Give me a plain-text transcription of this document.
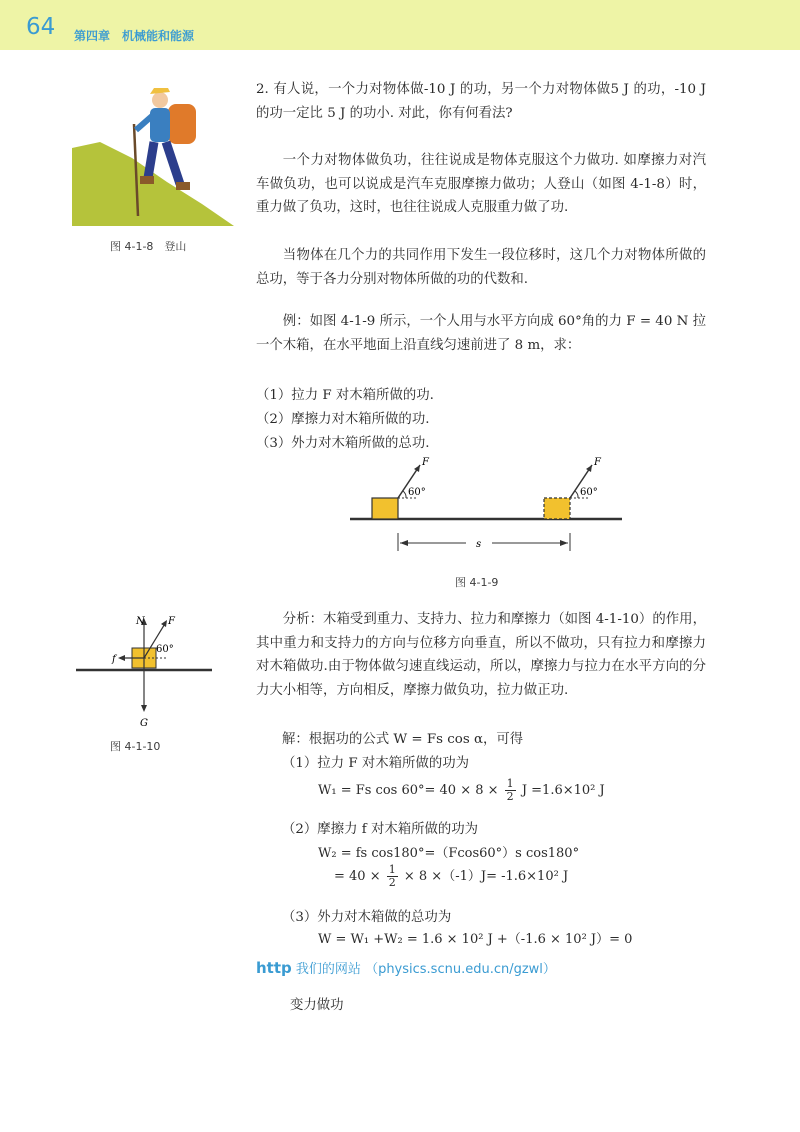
64 第四章　机械能和能源
图 4-1-8　登山

2. 有人说，一个力对物体做-10 J 的功，另一个力对物体做5 J 的功，-10 J 的功一定比 5 J 的功小. 对此，你有何看法?

一个力对物体做负功，往往说成是物体克服这个力做功. 如摩擦力对汽车做负功，也可以说成是汽车克服摩擦力做功；人登山（如图 4-1-8）时，重力做了负功，这时，也往往说成人克服重力做了功.

当物体在几个力的共同作用下发生一段位移时，这几个力对物体所做的总功，等于各力分别对物体所做的功的代数和.

例：如图 4-1-9 所示，一个人用与水平方向成 60°角的力 F = 40 N 拉一个木箱，在水平地面上沿直线匀速前进了 8 m，求：

（1）拉力 F 对木箱所做的功.
（2）摩擦力对木箱所做的功.
（3）外力对木箱所做的总功.
F
60°
F
60°
s
图 4-1-9
N F
60°
f
G
图 4-1-10

分析：木箱受到重力、支持力、拉力和摩擦力（如图 4-1-10）的作用，其中重力和支持力的方向与位移方向垂直，所以不做功，只有拉力和摩擦力对木箱做功.由于物体做匀速直线运动，所以，摩擦力与拉力在水平方向的分力大小相等，方向相反，摩擦力做负功，拉力做正功.

解：根据功的公式 W = Fs cos α，可得
（1）拉力 F 对木箱所做的功为
W₁ = Fs $\cos 60^\circ= 40 \times 8 \times \frac{1}{2}$ J =1.6×10² J
（2）摩擦力 f 对木箱所做的功为
W₂ = fs cos180°=（Fcos60°）s cos180°
= $40 \times \frac{1}{2} \times 8 \times(-1)J= -1.6\times 10^2$ J
（3）外力对木箱做的总功为
W = W₁ +W₂ = 1.6 × 10² J +（-1.6 × 10² J）= 0
http 我们的网站 （physics.scnu.edu.cn/gzwl）
变力做功
